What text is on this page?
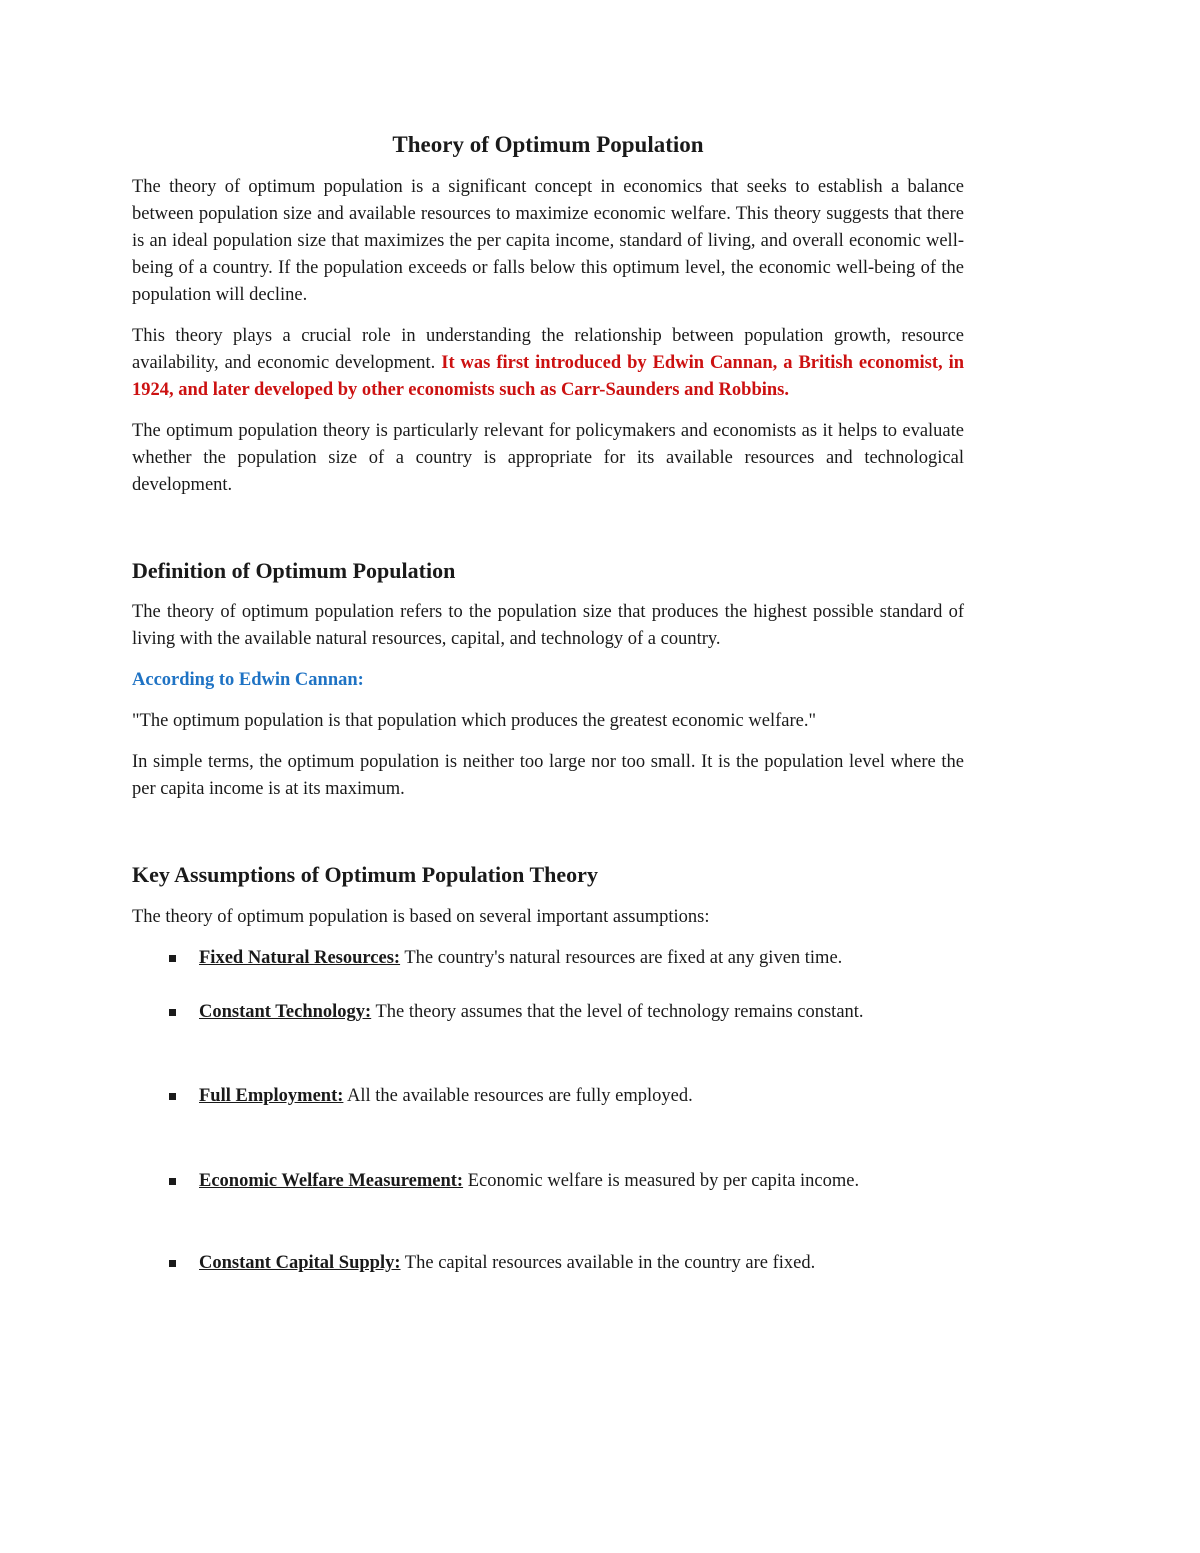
Theory of Optimum Population

The theory of optimum population is a significant concept in economics that seeks to establish a balance between population size and available resources to maximize economic welfare. This theory suggests that there is an ideal population size that maximizes the per capita income, standard of living, and overall economic well-being of a country. If the population exceeds or falls below this optimum level, the economic well-being of the population will decline.

This theory plays a crucial role in understanding the relationship between population growth, resource availability, and economic development. It was first introduced by Edwin Cannan, a British economist, in 1924, and later developed by other economists such as Carr-Saunders and Robbins.

The optimum population theory is particularly relevant for policymakers and economists as it helps to evaluate whether the population size of a country is appropriate for its available resources and technological development.

Definition of Optimum Population

The theory of optimum population refers to the population size that produces the highest possible standard of living with the available natural resources, capital, and technology of a country.

According to Edwin Cannan:

"The optimum population is that population which produces the greatest economic welfare."

In simple terms, the optimum population is neither too large nor too small. It is the population level where the per capita income is at its maximum.

Key Assumptions of Optimum Population Theory

The theory of optimum population is based on several important assumptions:

Fixed Natural Resources: The country's natural resources are fixed at any given time.
Constant Technology: The theory assumes that the level of technology remains constant.
Full Employment: All the available resources are fully employed.
Economic Welfare Measurement: Economic welfare is measured by per capita income.
Constant Capital Supply: The capital resources available in the country are fixed.
